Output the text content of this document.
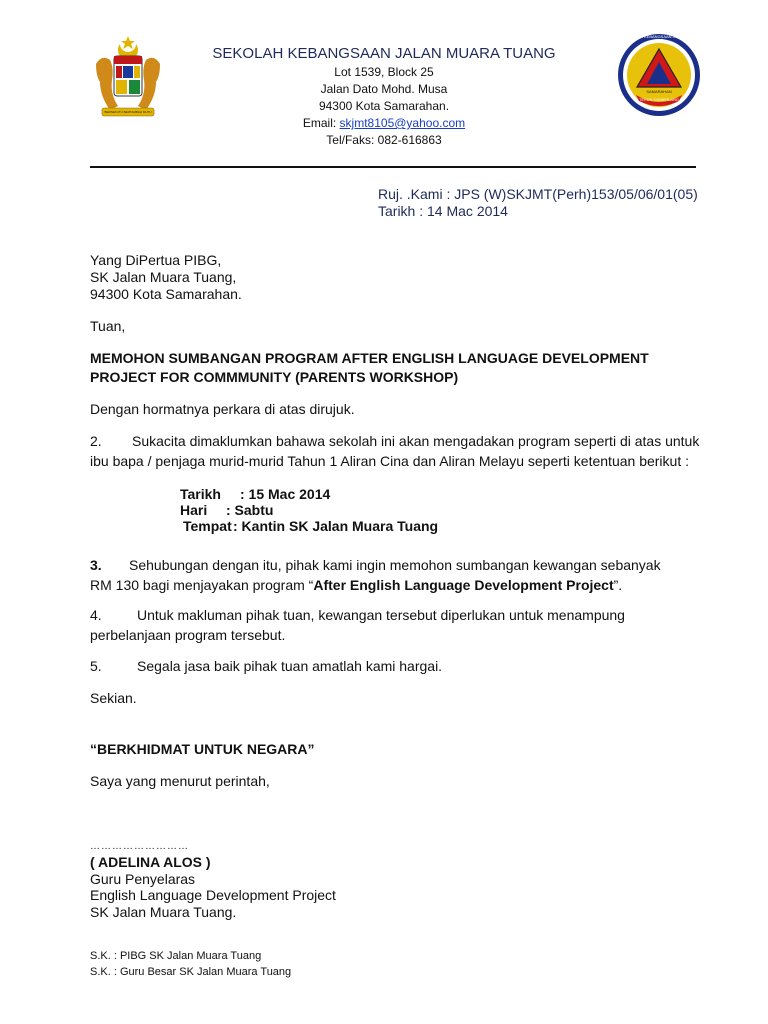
BERSEKUTU BERTAMBAH MUTU
SEKOLAH KEBANGSAAN JALAN MUARA TUANG
SAMARAHAN
TEKUN CEMERLANG
SEKOLAH KEBANGSAAN JALAN MUARA TUANG
Lot 1539, Block 25
Jalan Dato Mohd. Musa
94300 Kota Samarahan.
Email: skjmt8105@yahoo.com
Tel/Faks: 082-616863
Ruj. .Kami : JPS (W)SKJMT(Perh)153/05/06/01(05)
Tarikh : 14 Mac 2014
Yang DiPertua PIBG,
SK Jalan Muara Tuang,
94300 Kota Samarahan.
Tuan,
MEMOHON SUMBANGAN PROGRAM AFTER ENGLISH LANGUAGE DEVELOPMENT
PROJECT FOR COMMMUNITY (PARENTS WORKSHOP)
Dengan hormatnya perkara di atas dirujuk.
2. Sukacita dimaklumkan bahawa sekolah ini akan mengadakan program seperti di atas untuk
ibu bapa / penjaga murid-murid Tahun 1 Aliran Cina dan Aliran Melayu seperti ketentuan berikut :
Tarikh : 15 Mac 2014
Hari : Sabtu
Tempat: Kantin SK Jalan Muara Tuang
3. Sehubungan dengan itu, pihak kami ingin memohon sumbangan kewangan sebanyak
RM 130 bagi menjayakan program “After English Language Development Project”.
4.	Untuk makluman pihak tuan, kewangan tersebut diperlukan untuk menampung
perbelanjaan program tersebut.
5.	Segala jasa baik pihak tuan amatlah kami hargai.
Sekian.
“BERKHIDMAT UNTUK NEGARA”
Saya yang menurut perintah,
………………………
( ADELINA ALOS )
Guru Penyelaras
English Language Development Project
SK Jalan Muara Tuang.
S.K. : PIBG SK Jalan Muara Tuang
S.K. : Guru Besar SK Jalan Muara Tuang
